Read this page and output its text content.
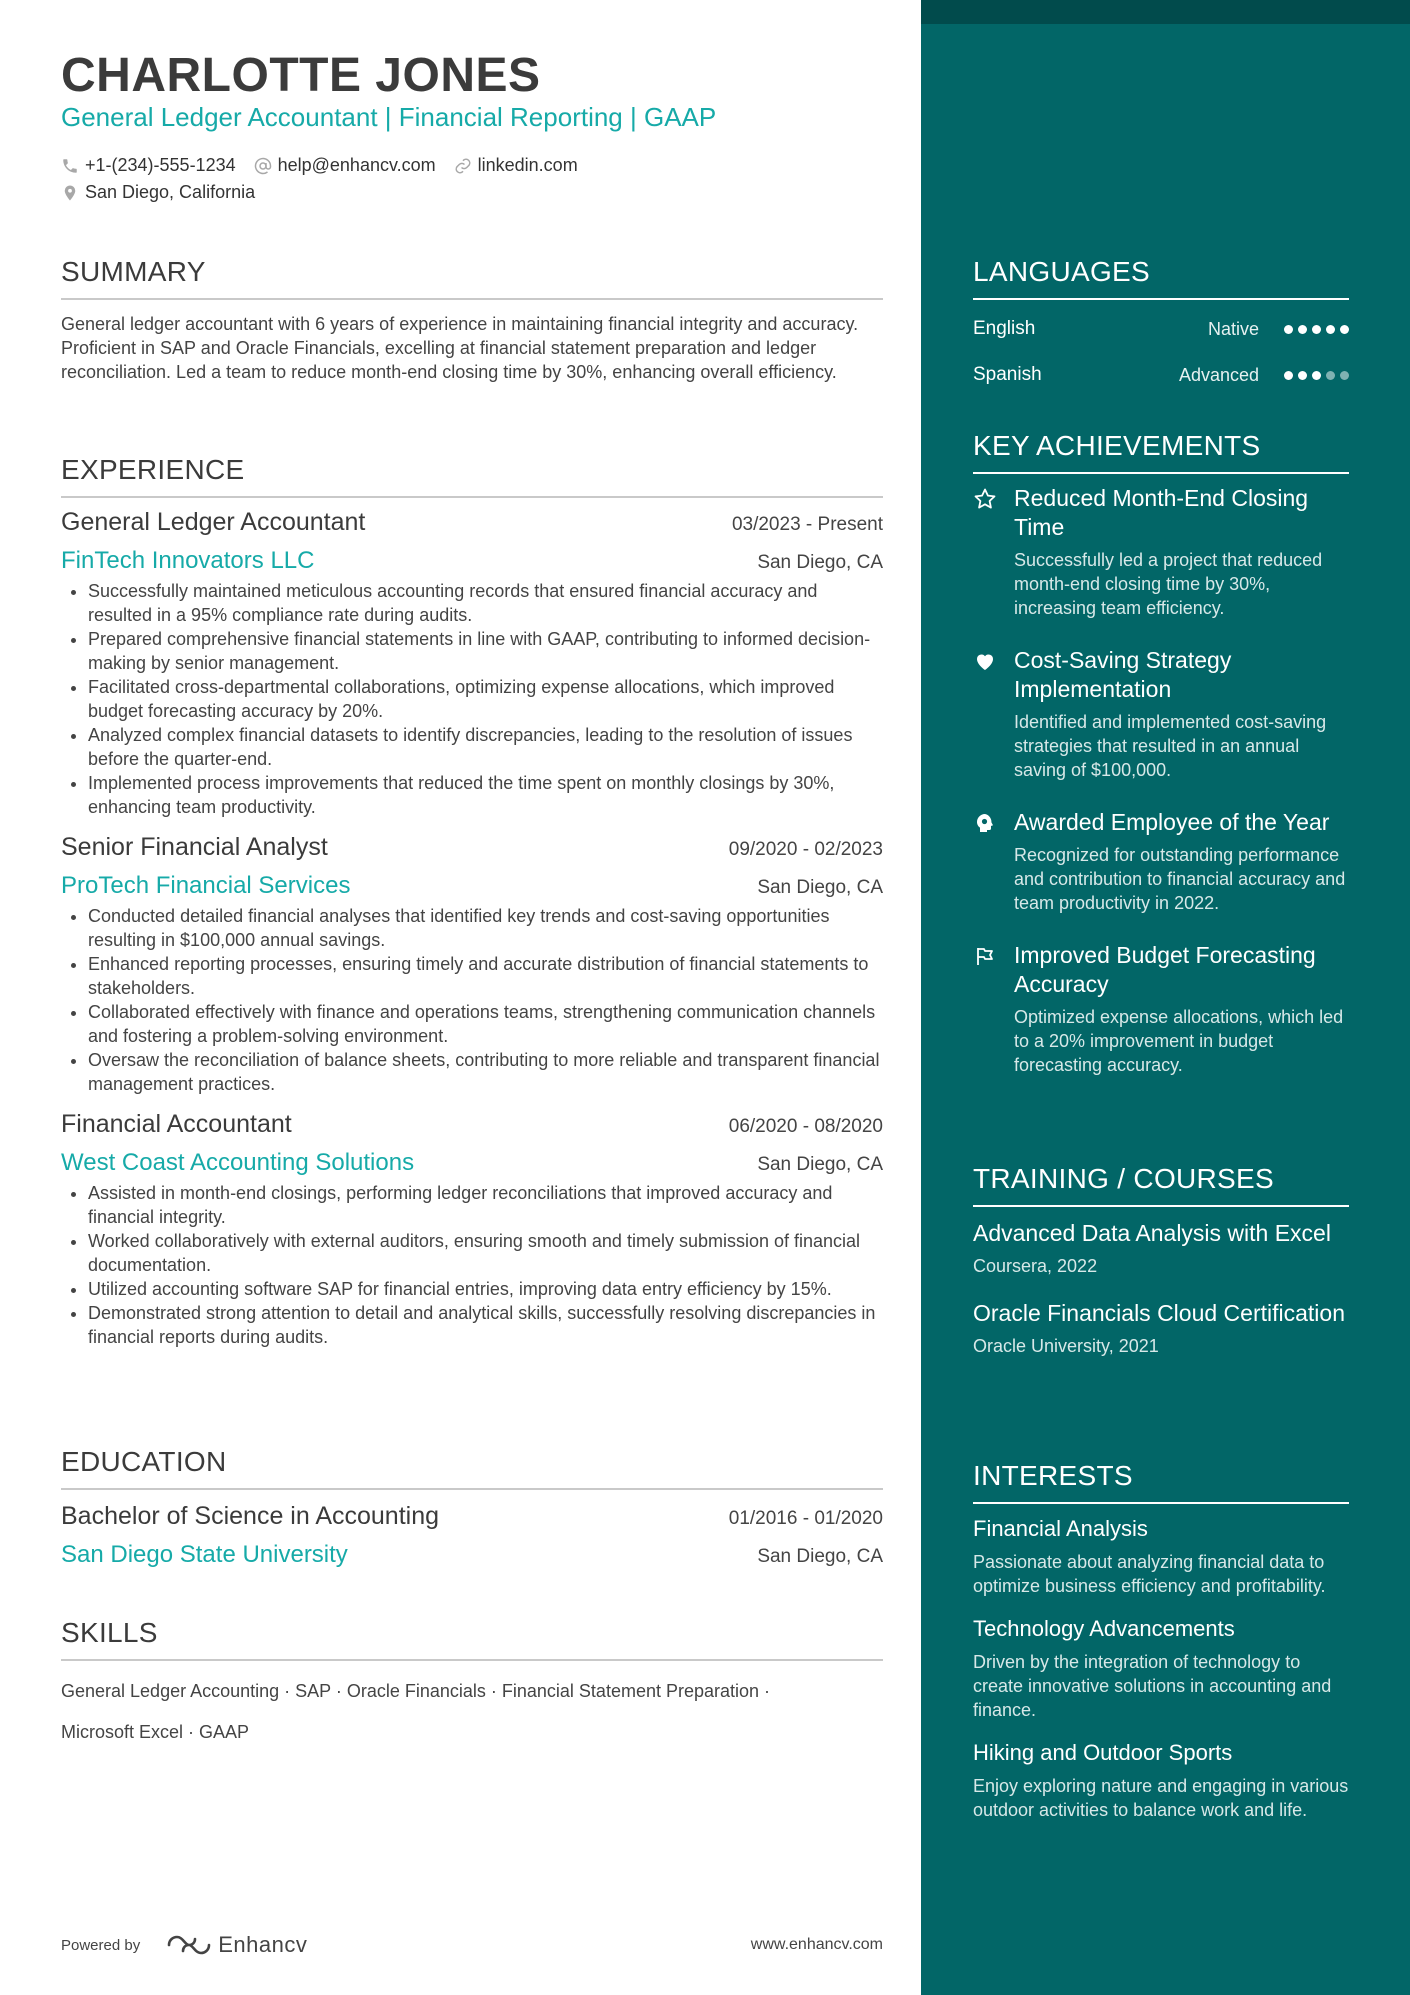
CHARLOTTE JONES
General Ledger Accountant | Financial Reporting | GAAP
+1-(234)-555-1234 help@enhancv.com linkedin.com
San Diego, California
SUMMARY

General ledger accountant with 6 years of experience in maintaining financial integrity and accuracy. Proficient in SAP and Oracle Financials, excelling at financial statement preparation and ledger reconciliation. Led a team to reduce month-end closing time by 30%, enhancing overall efficiency.

EXPERIENCE
General Ledger Accountant	03/2023 - Present
FinTech Innovators LLC	San Diego, CA
• Successfully maintained meticulous accounting records that ensured financial accuracy and resulted in a 95% compliance rate during audits.
• Prepared comprehensive financial statements in line with GAAP, contributing to informed decision-making by senior management.
• Facilitated cross-departmental collaborations, optimizing expense allocations, which improved budget forecasting accuracy by 20%.
• Analyzed complex financial datasets to identify discrepancies, leading to the resolution of issues before the quarter-end.
• Implemented process improvements that reduced the time spent on monthly closings by 30%, enhancing team productivity.
Senior Financial Analyst	09/2020 - 02/2023
ProTech Financial Services	San Diego, CA
• Conducted detailed financial analyses that identified key trends and cost-saving opportunities resulting in $100,000 annual savings.
• Enhanced reporting processes, ensuring timely and accurate distribution of financial statements to stakeholders.
• Collaborated effectively with finance and operations teams, strengthening communication channels and fostering a problem-solving environment.
• Oversaw the reconciliation of balance sheets, contributing to more reliable and transparent financial management practices.
Financial Accountant	06/2020 - 08/2020
West Coast Accounting Solutions	San Diego, CA
• Assisted in month-end closings, performing ledger reconciliations that improved accuracy and financial integrity.
• Worked collaboratively with external auditors, ensuring smooth and timely submission of financial documentation.
• Utilized accounting software SAP for financial entries, improving data entry efficiency by 15%.
• Demonstrated strong attention to detail and analytical skills, successfully resolving discrepancies in financial reports during audits.
EDUCATION
Bachelor of Science in Accounting	01/2016 - 01/2020
San Diego State University	San Diego, CA
SKILLS
General Ledger Accounting · SAP · Oracle Financials · Financial Statement Preparation ·
Microsoft Excel · GAAP
Powered by	Enhancv	www.enhancv.com
LANGUAGES
English	Native
Spanish	Advanced
KEY ACHIEVEMENTS
Reduced Month-End Closing Time
Successfully led a project that reduced month-end closing time by 30%, increasing team efficiency.
Cost-Saving Strategy Implementation
Identified and implemented cost-saving strategies that resulted in an annual saving of $100,000.
Awarded Employee of the Year
Recognized for outstanding performance and contribution to financial accuracy and team productivity in 2022.
Improved Budget Forecasting Accuracy
Optimized expense allocations, which led to a 20% improvement in budget forecasting accuracy.
TRAINING / COURSES
Advanced Data Analysis with Excel
Coursera, 2022
Oracle Financials Cloud Certification
Oracle University, 2021
INTERESTS
Financial Analysis
Passionate about analyzing financial data to optimize business efficiency and profitability.
Technology Advancements
Driven by the integration of technology to create innovative solutions in accounting and finance.
Hiking and Outdoor Sports
Enjoy exploring nature and engaging in various outdoor activities to balance work and life.
